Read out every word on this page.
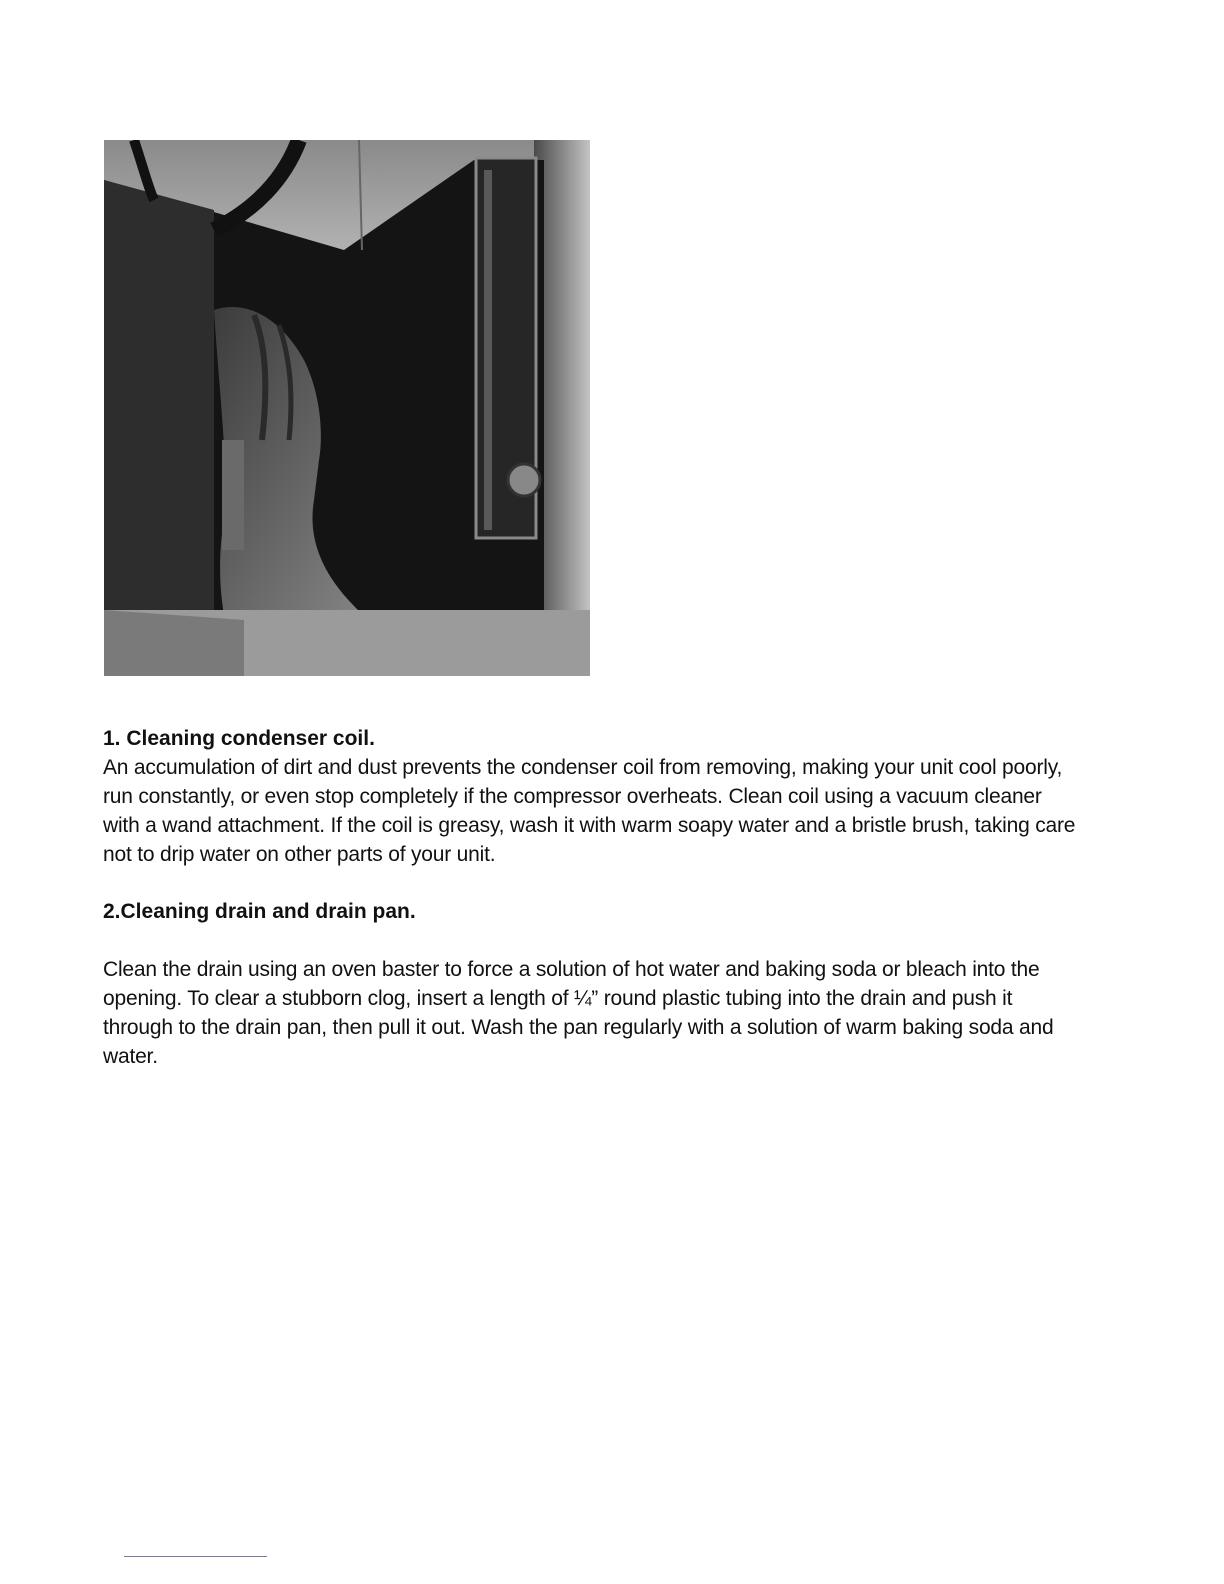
1. Cleaning condenser coil.

An accumulation of dirt and dust prevents the condenser coil from removing, making your unit cool poorly, run constantly, or even stop completely if the compressor overheats. Clean coil using a vacuum cleaner with a wand attachment. If the coil is greasy, wash it with warm soapy water and a bristle brush, taking care not to drip water on other parts of your unit.

2.Cleaning drain and drain pan.

Clean the drain using an oven baster to force a solution of hot water and baking soda or bleach into the opening. To clear a stubborn clog, insert a length of ¼” round plastic tubing into the drain and push it through to the drain pan, then pull it out. Wash the pan regularly with a solution of warm baking soda and water.
